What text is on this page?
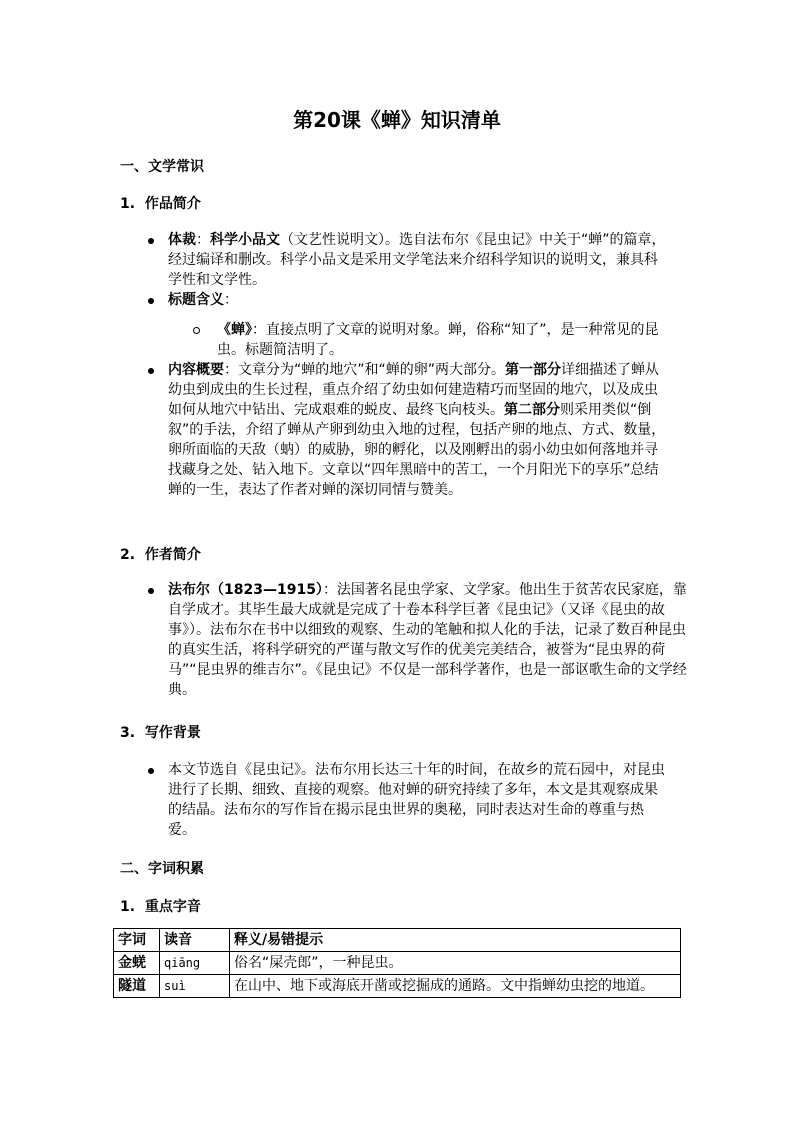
第20课《蝉》知识清单
一、文学常识
1. 作品简介
体裁：科学小品文（文艺性说明文）。选自法布尔《昆虫记》中关于“蝉”的篇章，经过编译和删改。科学小品文是采用文学笔法来介绍科学知识的说明文，兼具科学性和文学性。
标题含义：
《蝉》：直接点明了文章的说明对象。蝉，俗称“知了”，是一种常见的昆虫。标题简洁明了。
内容概要：文章分为“蝉的地穴”和“蝉的卵”两大部分。第一部分详细描述了蝉从幼虫到成虫的生长过程，重点介绍了幼虫如何建造精巧而坚固的地穴，以及成虫如何从地穴中钻出、完成艰难的蜕皮、最终飞向枝头。第二部分则采用类似“倒叙”的手法，介绍了蝉从产卵到幼虫入地的过程，包括产卵的地点、方式、数量，卵所面临的天敌（蚋）的威胁，卵的孵化，以及刚孵出的弱小幼虫如何落地并寻找藏身之处、钻入地下。文章以“四年黑暗中的苦工，一个月阳光下的享乐”总结蝉的一生，表达了作者对蝉的深切同情与赞美。
2. 作者简介
法布尔（1823—1915）：法国著名昆虫学家、文学家。他出生于贫苦农民家庭，靠自学成才。其毕生最大成就是完成了十卷本科学巨著《昆虫记》（又译《昆虫的故事》）。法布尔在书中以细致的观察、生动的笔触和拟人化的手法，记录了数百种昆虫的真实生活，将科学研究的严谨与散文写作的优美完美结合，被誉为“昆虫界的荷马”“昆虫界的维吉尔”。《昆虫记》不仅是一部科学著作，也是一部讴歌生命的文学经典。
3. 写作背景
本文节选自《昆虫记》。法布尔用长达三十年的时间，在故乡的荒石园中，对昆虫进行了长期、细致、直接的观察。他对蝉的研究持续了多年，本文是其观察成果的结晶。法布尔的写作旨在揭示昆虫世界的奥秘，同时表达对生命的尊重与热爱。
二、字词积累
1. 重点字音
字词	读音	释义/易错提示
金蜣	qiāng	俗名“屎壳郎”，一种昆虫。
隧道	suì	在山中、地下或海底开凿或挖掘成的通路。文中指蝉幼虫挖的地道。
